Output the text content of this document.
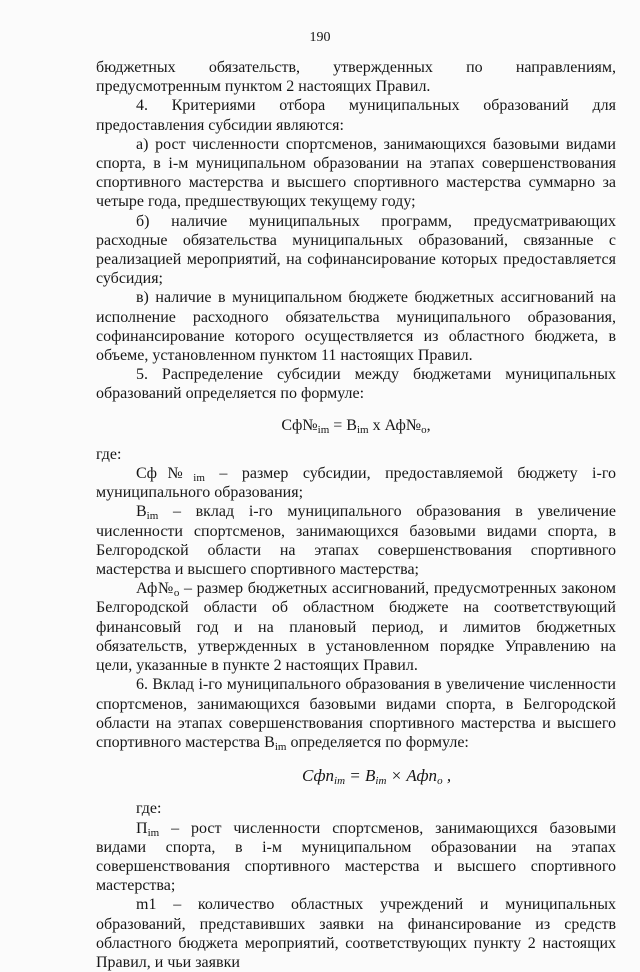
190

бюджетных обязательств, утвержденных по направлениям, предусмотренным пунктом 2 настоящих Правил.

4. Критериями отбора муниципальных образований для предоставления субсидии являются:

а) рост численности спортсменов, занимающихся базовыми видами спорта, в i-м муниципальном образовании на этапах совершенствования спортивного мастерства и высшего спортивного мастерства суммарно за четыре года, предшествующих текущему году;

б) наличие муниципальных программ, предусматривающих расходные обязательства муниципальных образований, связанные с реализацией мероприятий, на софинансирование которых предоставляется субсидия;

в) наличие в муниципальном бюджете бюджетных ассигнований на исполнение расходного обязательства муниципального образования, софинансирование которого осуществляется из областного бюджета, в объеме, установленном пунктом 11 настоящих Правил.

5. Распределение субсидии между бюджетами муниципальных образований определяется по формуле:

$Сф№_{im} = В_{im}$ х $Аф№_o$,

где:

$Сф№_{im}$ – размер субсидии, предоставляемой бюджету i-го муниципального образования;

$В_{im}$ – вклад i-го муниципального образования в увеличение численности спортсменов, занимающихся базовыми видами спорта, в Белгородской области на этапах совершенствования спортивного мастерства и высшего спортивного мастерства;

$Аф№_о$ – размер бюджетных ассигнований, предусмотренных законом Белгородской области об областном бюджете на соответствующий финансовый год и на плановый период, и лимитов бюджетных обязательств, утвержденных в установленном порядке Управлению на цели, указанные в пункте 2 настоящих Правил.

6. Вклад i-го муниципального образования в увеличение численности спортсменов, занимающихся базовыми видами спорта, в Белгородской области на этапах совершенствования спортивного мастерства и высшего спортивного мастерства $В_{im}$ определяется по формуле:

$Сфп_{im} = B_{im} \times Афп_o$ ,

где:

$П_{im}$ – рост численности спортсменов, занимающихся базовыми видами спорта, в i-м муниципальном образовании на этапах совершенствования спортивного мастерства и высшего спортивного мастерства;

m1 – количество областных учреждений и муниципальных образований, представивших заявки на финансирование из средств областного бюджета мероприятий, соответствующих пункту 2 настоящих Правил, и чьи заявки
